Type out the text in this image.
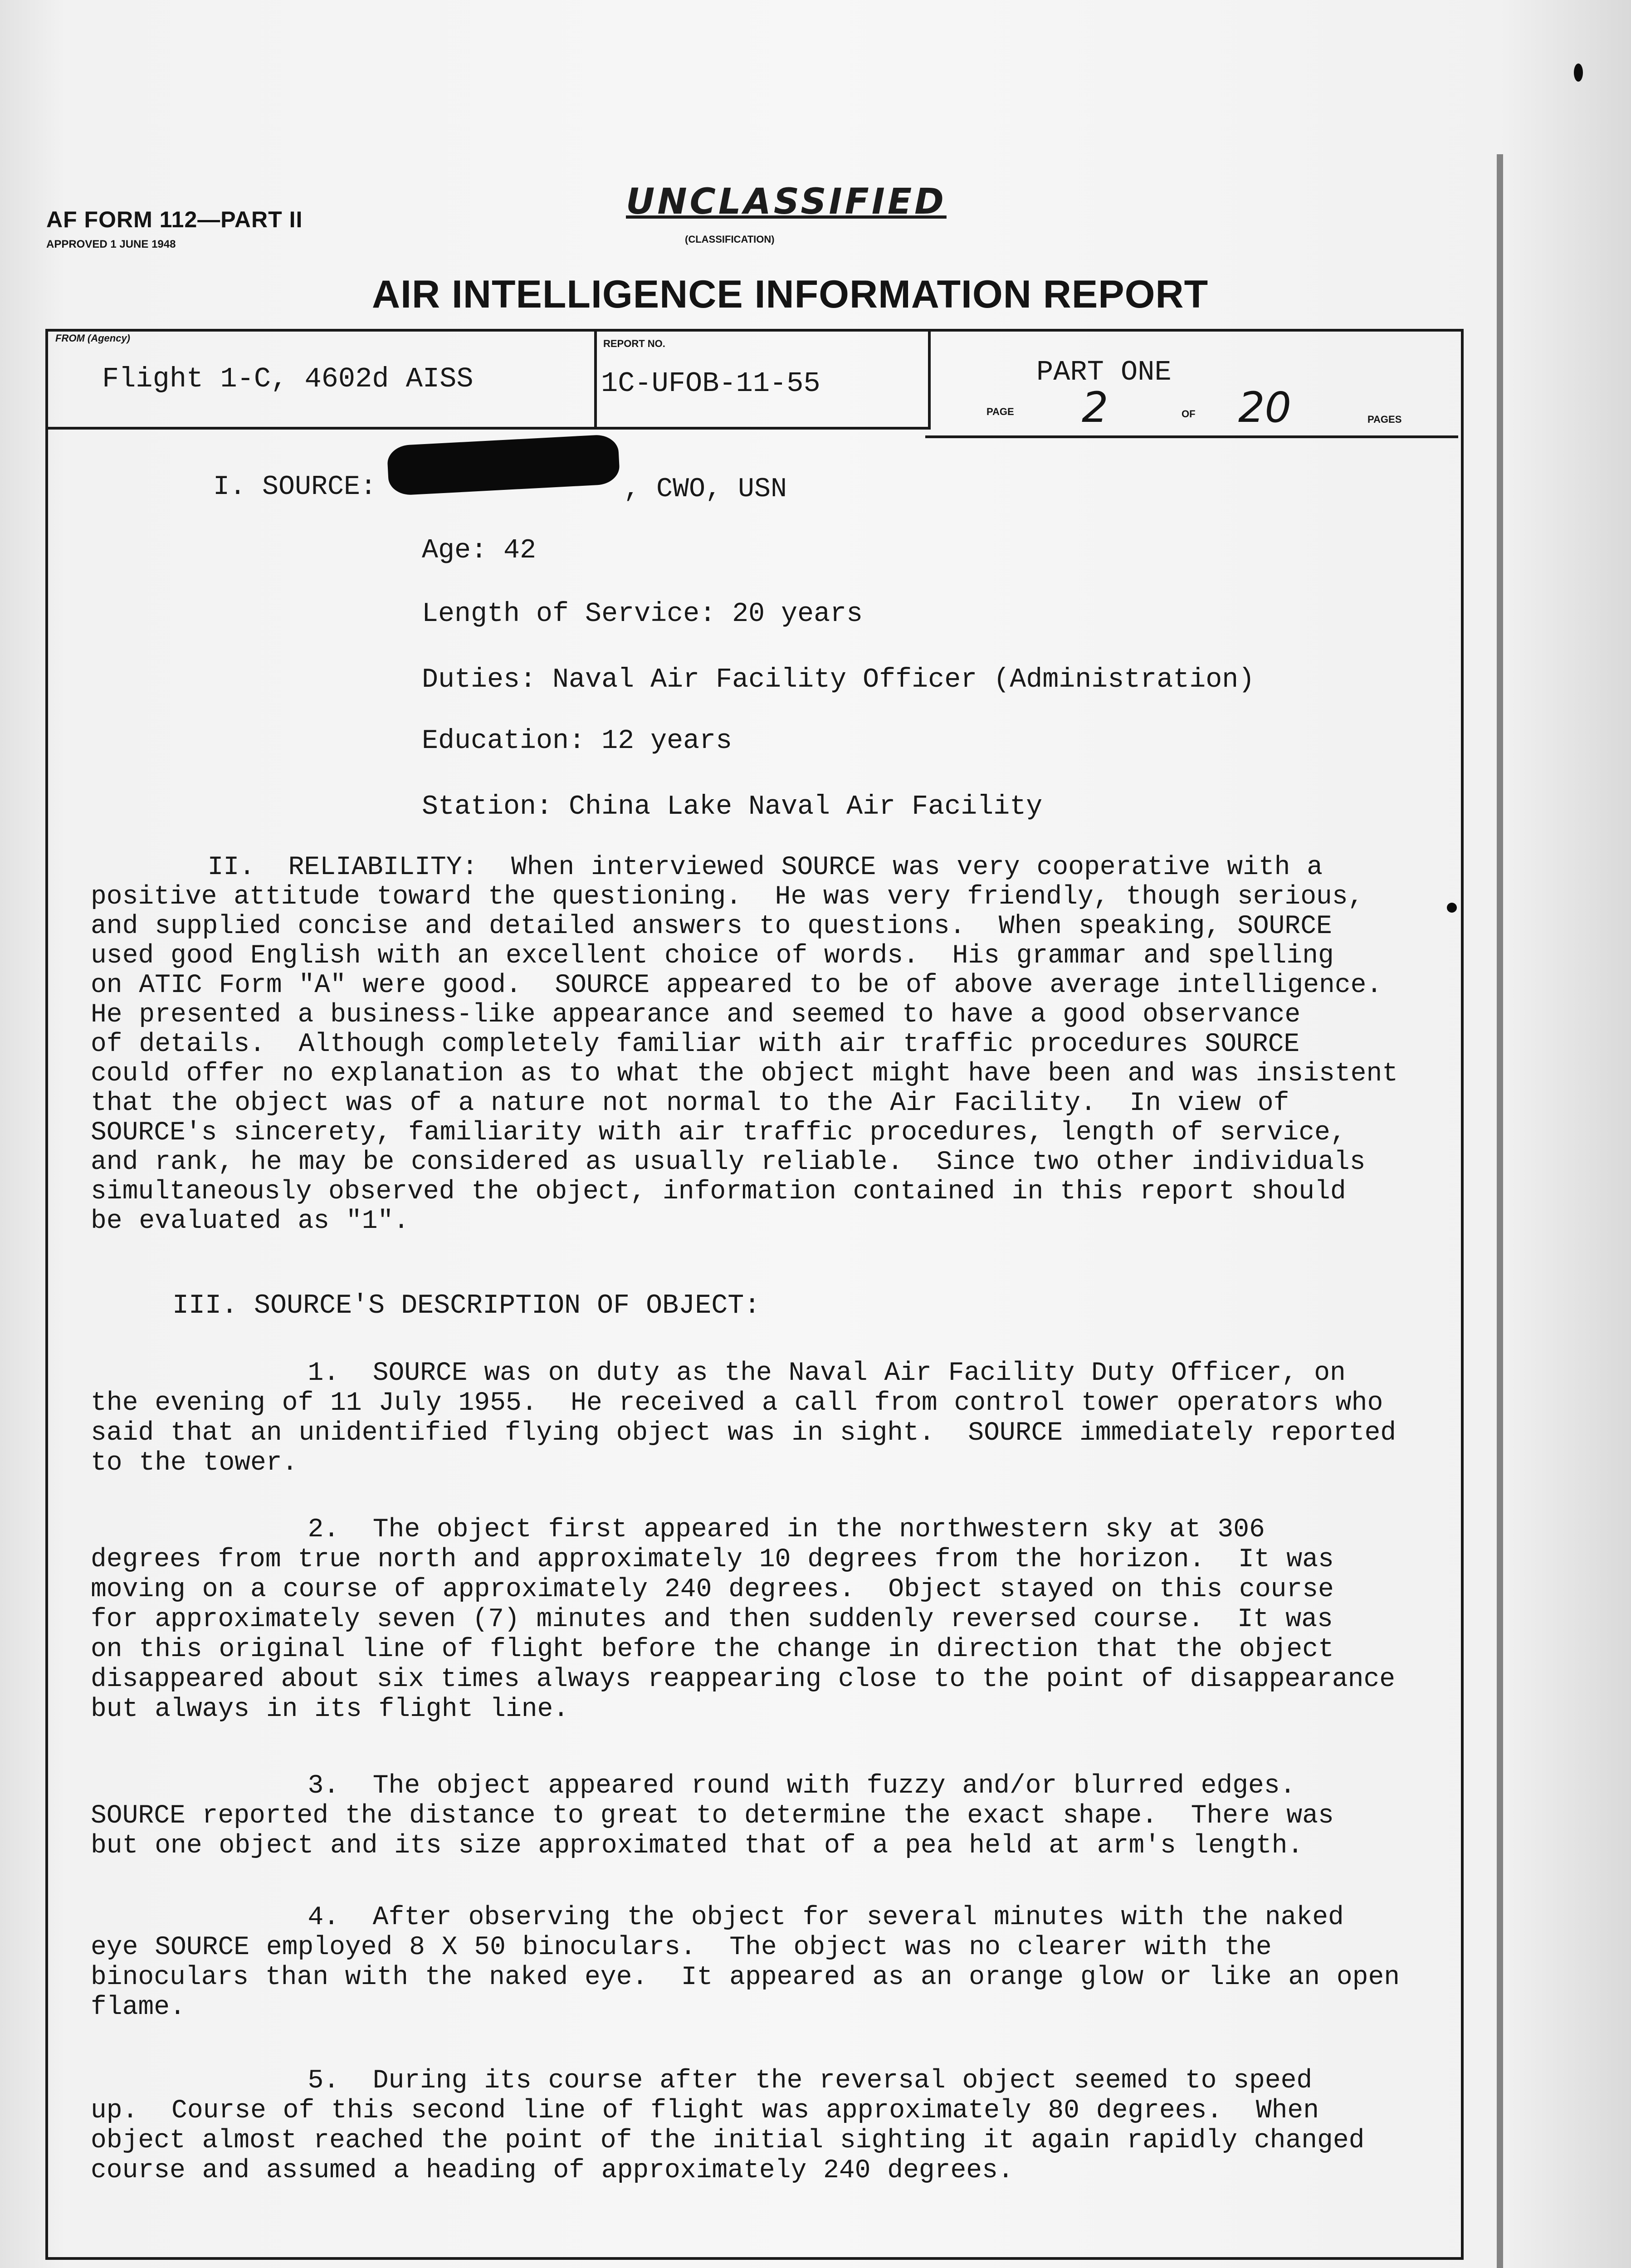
AF FORM 112—PART II
APPROVED 1 JUNE 1948
UNCLASSIFIED
(CLASSIFICATION)
AIR INTELLIGENCE INFORMATION REPORT
FROM (Agency)
Flight 1-C, 4602d AISS
REPORT NO.
1C-UFOB-11-55	PART ONE
PAGE 2	OF 20	PAGES
I. SOURCE:	, CWO, USN
Age: 42
Length of Service: 20 years
Duties: Naval Air Facility Officer (Administration)
Education: 12 years
Station: China Lake Naval Air Facility
II.  RELIABILITY:  When interviewed SOURCE was very cooperative with a
positive attitude toward the questioning.  He was very friendly, though serious,
and supplied concise and detailed answers to questions.  When speaking, SOURCE
used good English with an excellent choice of words.  His grammar and spelling
on ATIC Form "A" were good.  SOURCE appeared to be of above average intelligence.
He presented a business-like appearance and seemed to have a good observance
of details.  Although completely familiar with air traffic procedures SOURCE
could offer no explanation as to what the object might have been and was insistent
that the object was of a nature not normal to the Air Facility.  In view of
SOURCE's sincerety, familiarity with air traffic procedures, length of service,
and rank, he may be considered as usually reliable.  Since two other individuals
simultaneously observed the object, information contained in this report should
be evaluated as "1".
III. SOURCE'S DESCRIPTION OF OBJECT:
1.  SOURCE was on duty as the Naval Air Facility Duty Officer, on
the evening of 11 July 1955.  He received a call from control tower operators who
said that an unidentified flying object was in sight.  SOURCE immediately reported
to the tower.
2.  The object first appeared in the northwestern sky at 306
degrees from true north and approximately 10 degrees from the horizon.  It was
moving on a course of approximately 240 degrees.  Object stayed on this course
for approximately seven (7) minutes and then suddenly reversed course.  It was
on this original line of flight before the change in direction that the object
disappeared about six times always reappearing close to the point of disappearance
but always in its flight line.
3.  The object appeared round with fuzzy and/or blurred edges.
SOURCE reported the distance to great to determine the exact shape.  There was
but one object and its size approximated that of a pea held at arm's length.
4.  After observing the object for several minutes with the naked
eye SOURCE employed 8 X 50 binoculars.  The object was no clearer with the
binoculars than with the naked eye.  It appeared as an orange glow or like an open
flame.
5.  During its course after the reversal object seemed to speed
up.  Course of this second line of flight was approximately 80 degrees.  When
object almost reached the point of the initial sighting it again rapidly changed
course and assumed a heading of approximately 240 degrees.
